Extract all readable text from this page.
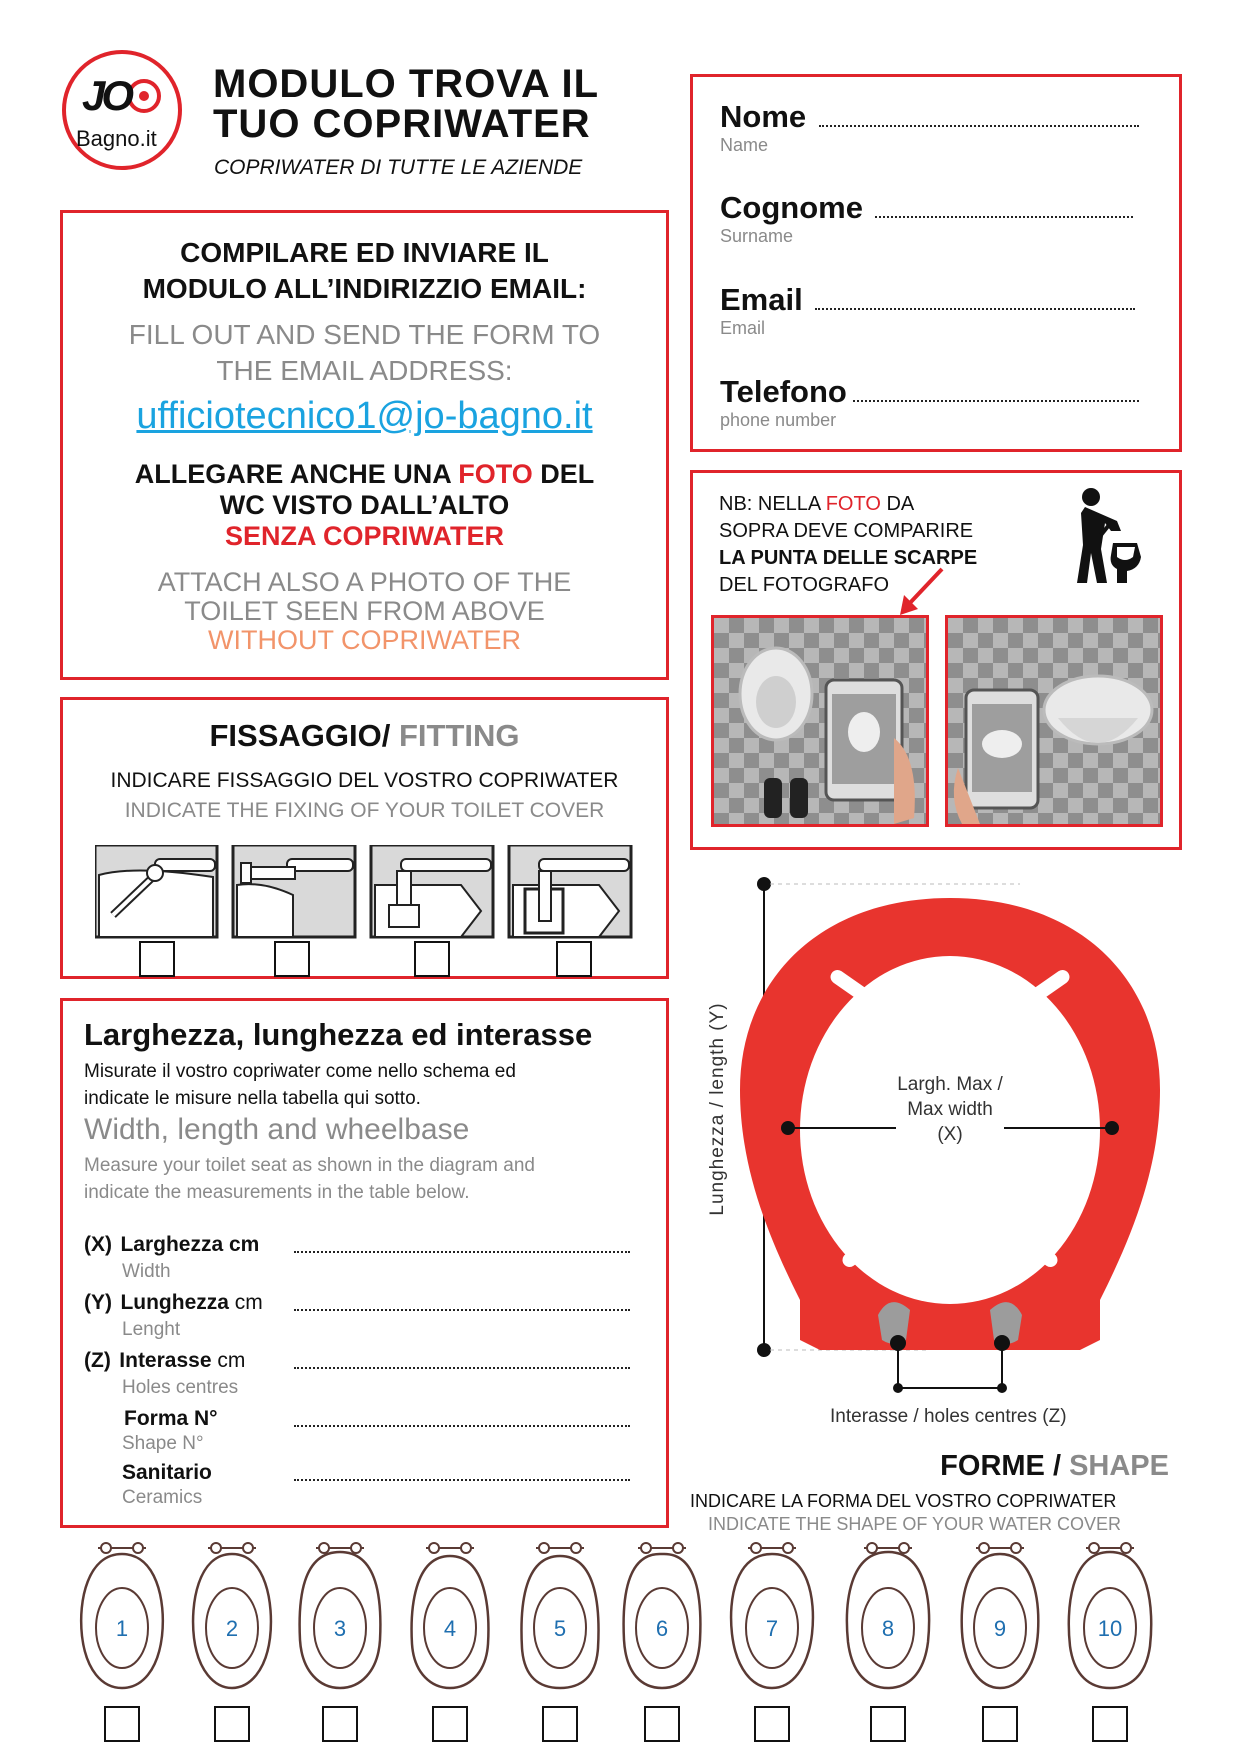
JO
Bagno.it
MODULO TROVA IL
TUO COPRIWATER
COPRIWATER DI TUTTE LE AZIENDE
Nome
Name
Cognome
Surname
Email
Email
Telefono
phone number
COMPILARE ED INVIARE IL
MODULO ALL’INDIRIZZIO EMAIL:
FILL OUT AND SEND THE FORM TO
THE EMAIL ADDRESS:
ufficiotecnico1@jo-bagno.it
ALLEGARE ANCHE UNA FOTO DEL
WC VISTO DALL’ALTO
SENZA COPRIWATER
ATTACH ALSO A PHOTO OF THE
TOILET SEEN FROM ABOVE
WITHOUT COPRIWATER
NB: NELLA FOTO DA
SOPRA DEVE COMPARIRE
LA PUNTA DELLE SCARPE
DEL FOTOGRAFO
FISSAGGIO/ FITTING
INDICARE FISSAGGIO DEL VOSTRO COPRIWATER
INDICATE THE FIXING OF YOUR TOILET COVER
Larghezza, lunghezza ed interasse
Misurate il vostro copriwater come nello schema ed
indicate le misure nella tabella qui sotto.
Width, length and wheelbase
Measure your toilet seat as shown in the diagram and
indicate the measurements in the table below.
(X) Larghezza cm
Width
(Y) Lunghezza cm
Lenght
(Z) Interasse cm
Holes centres
Forma N°
Shape N°
Sanitario
Ceramics
Lunghezza / length (Y)	Largh. Max /
Max width
(X)
Interasse / holes centres (Z)
FORME / SHAPE
INDICARE LA FORMA DEL VOSTRO COPRIWATER
INDICATE THE SHAPE OF YOUR WATER COVER
1	2	3	4	5	6	7	8	9	10
